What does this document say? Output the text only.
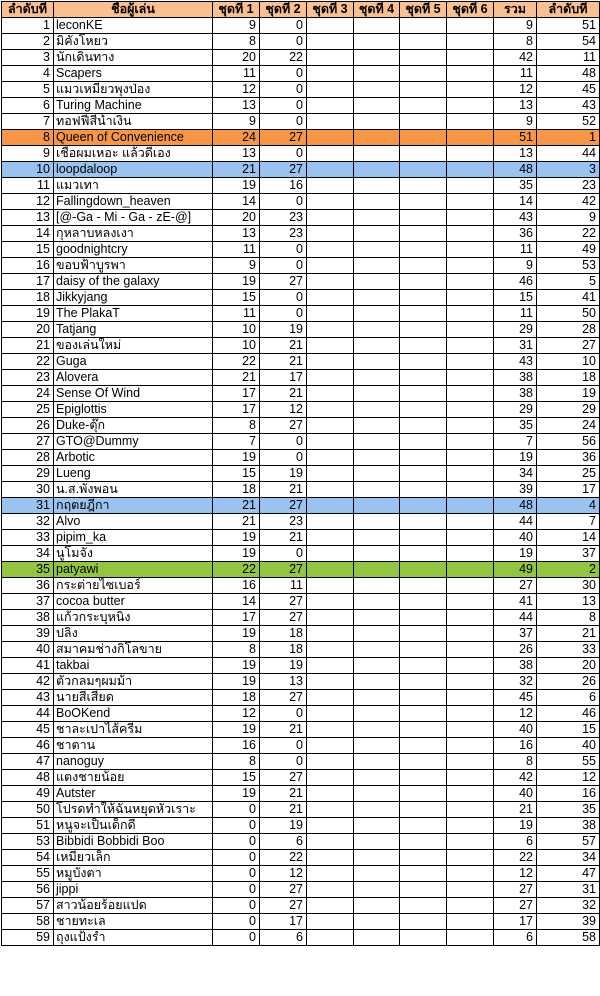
ลำดับที่	ชื่อผู้เล่น	ชุดที่ 1	ชุดที่ 2	ชุดที่ 3	ชุดที่ 4	ชุดที่ 5	ชุดที่ 6	รวม	ลำดับที่
1	leconKE	9	0					9	51
2	มิคังโหยว	8	0					8	54
3	นักเดินทาง	20	22					42	11
4	Scapers	11	0					11	48
5	แมวเหมียวพุงป่อง	12	0					12	45
6	Turing Machine	13	0					13	43
7	ทอฟฟี่สีน้ำเงิน	9	0					9	52
8	Queen of Convenience	24	27					51	1
9	เชื่อผมเหอะ แล้วดีเอง	13	0					13	44
10	loopdaloop	21	27					48	3
11	แมวเทา	19	16					35	23
12	Fallingdown_heaven	14	0					14	42
13	[@-Ga - Mi - Ga - zE-@]	20	23					43	9
14	กุหลาบหลงเงา	13	23					36	22
15	goodnightcry	11	0					11	49
16	ขอบฟ้าบูรพา	9	0					9	53
17	daisy of the galaxy	19	27					46	5
18	Jikkyjang	15	0					15	41
19	The PlakaT	11	0					11	50
20	Tatjang	10	19					29	28
21	ของเล่นใหม่	10	21					31	27
22	Guga	22	21					43	10
23	Alovera	21	17					38	18
24	Sense Of Wind	17	21					38	19
25	Epiglottis	17	12					29	29
26	Duke-ตุ๊ก	8	27					35	24
27	GTO@Dummy	7	0					7	56
28	Arbotic	19	0					19	36
29	Lueng	15	19					34	25
30	น.ส.พังพอน	18	21					39	17
31	กฤตยฎีกา	21	27					48	4
32	Alvo	21	23					44	7
33	pipim_ka	19	21					40	14
34	นูโมจัง	19	0					19	37
35	patyawi	22	27					49	2
36	กระต่ายไซเบอร์	16	11					27	30
37	cocoa butter	14	27					41	13
38	แก้วกระบุหนิง	17	27					44	8
39	ปลิง	19	18					37	21
40	สมาคมช่างกิโลขาย	8	18					26	33
41	takbai	19	19					38	20
42	ตัวกลมๆผมม้า	19	13					32	26
43	นายสีเสียด	18	27					45	6
44	BoOKend	12	0					12	46
45	ชาละเปาไส้ครีม	19	21					40	15
46	ชาตาน	16	0					16	40
47	nanoguy	8	0					8	55
48	แตงชายน้อย	15	27					42	12
49	Autster	19	21					40	16
50	โปรดทำให้ฉันหยุดหัวเราะ	0	21					21	35
51	หนูจะเป็นเด็กดี	0	19					19	38
53	Bibbidi Bobbidi Boo	0	6					6	57
54	เหมียวเล็ก	0	22					22	34
55	หมูบังตา	0	12					12	47
56	jippi	0	27					27	31
57	สาวน้อยร้อยแปด	0	27					27	32
58	ชายทะเล	0	17					17	39
59	ถุงแป้งร่ำ	0	6					6	58
